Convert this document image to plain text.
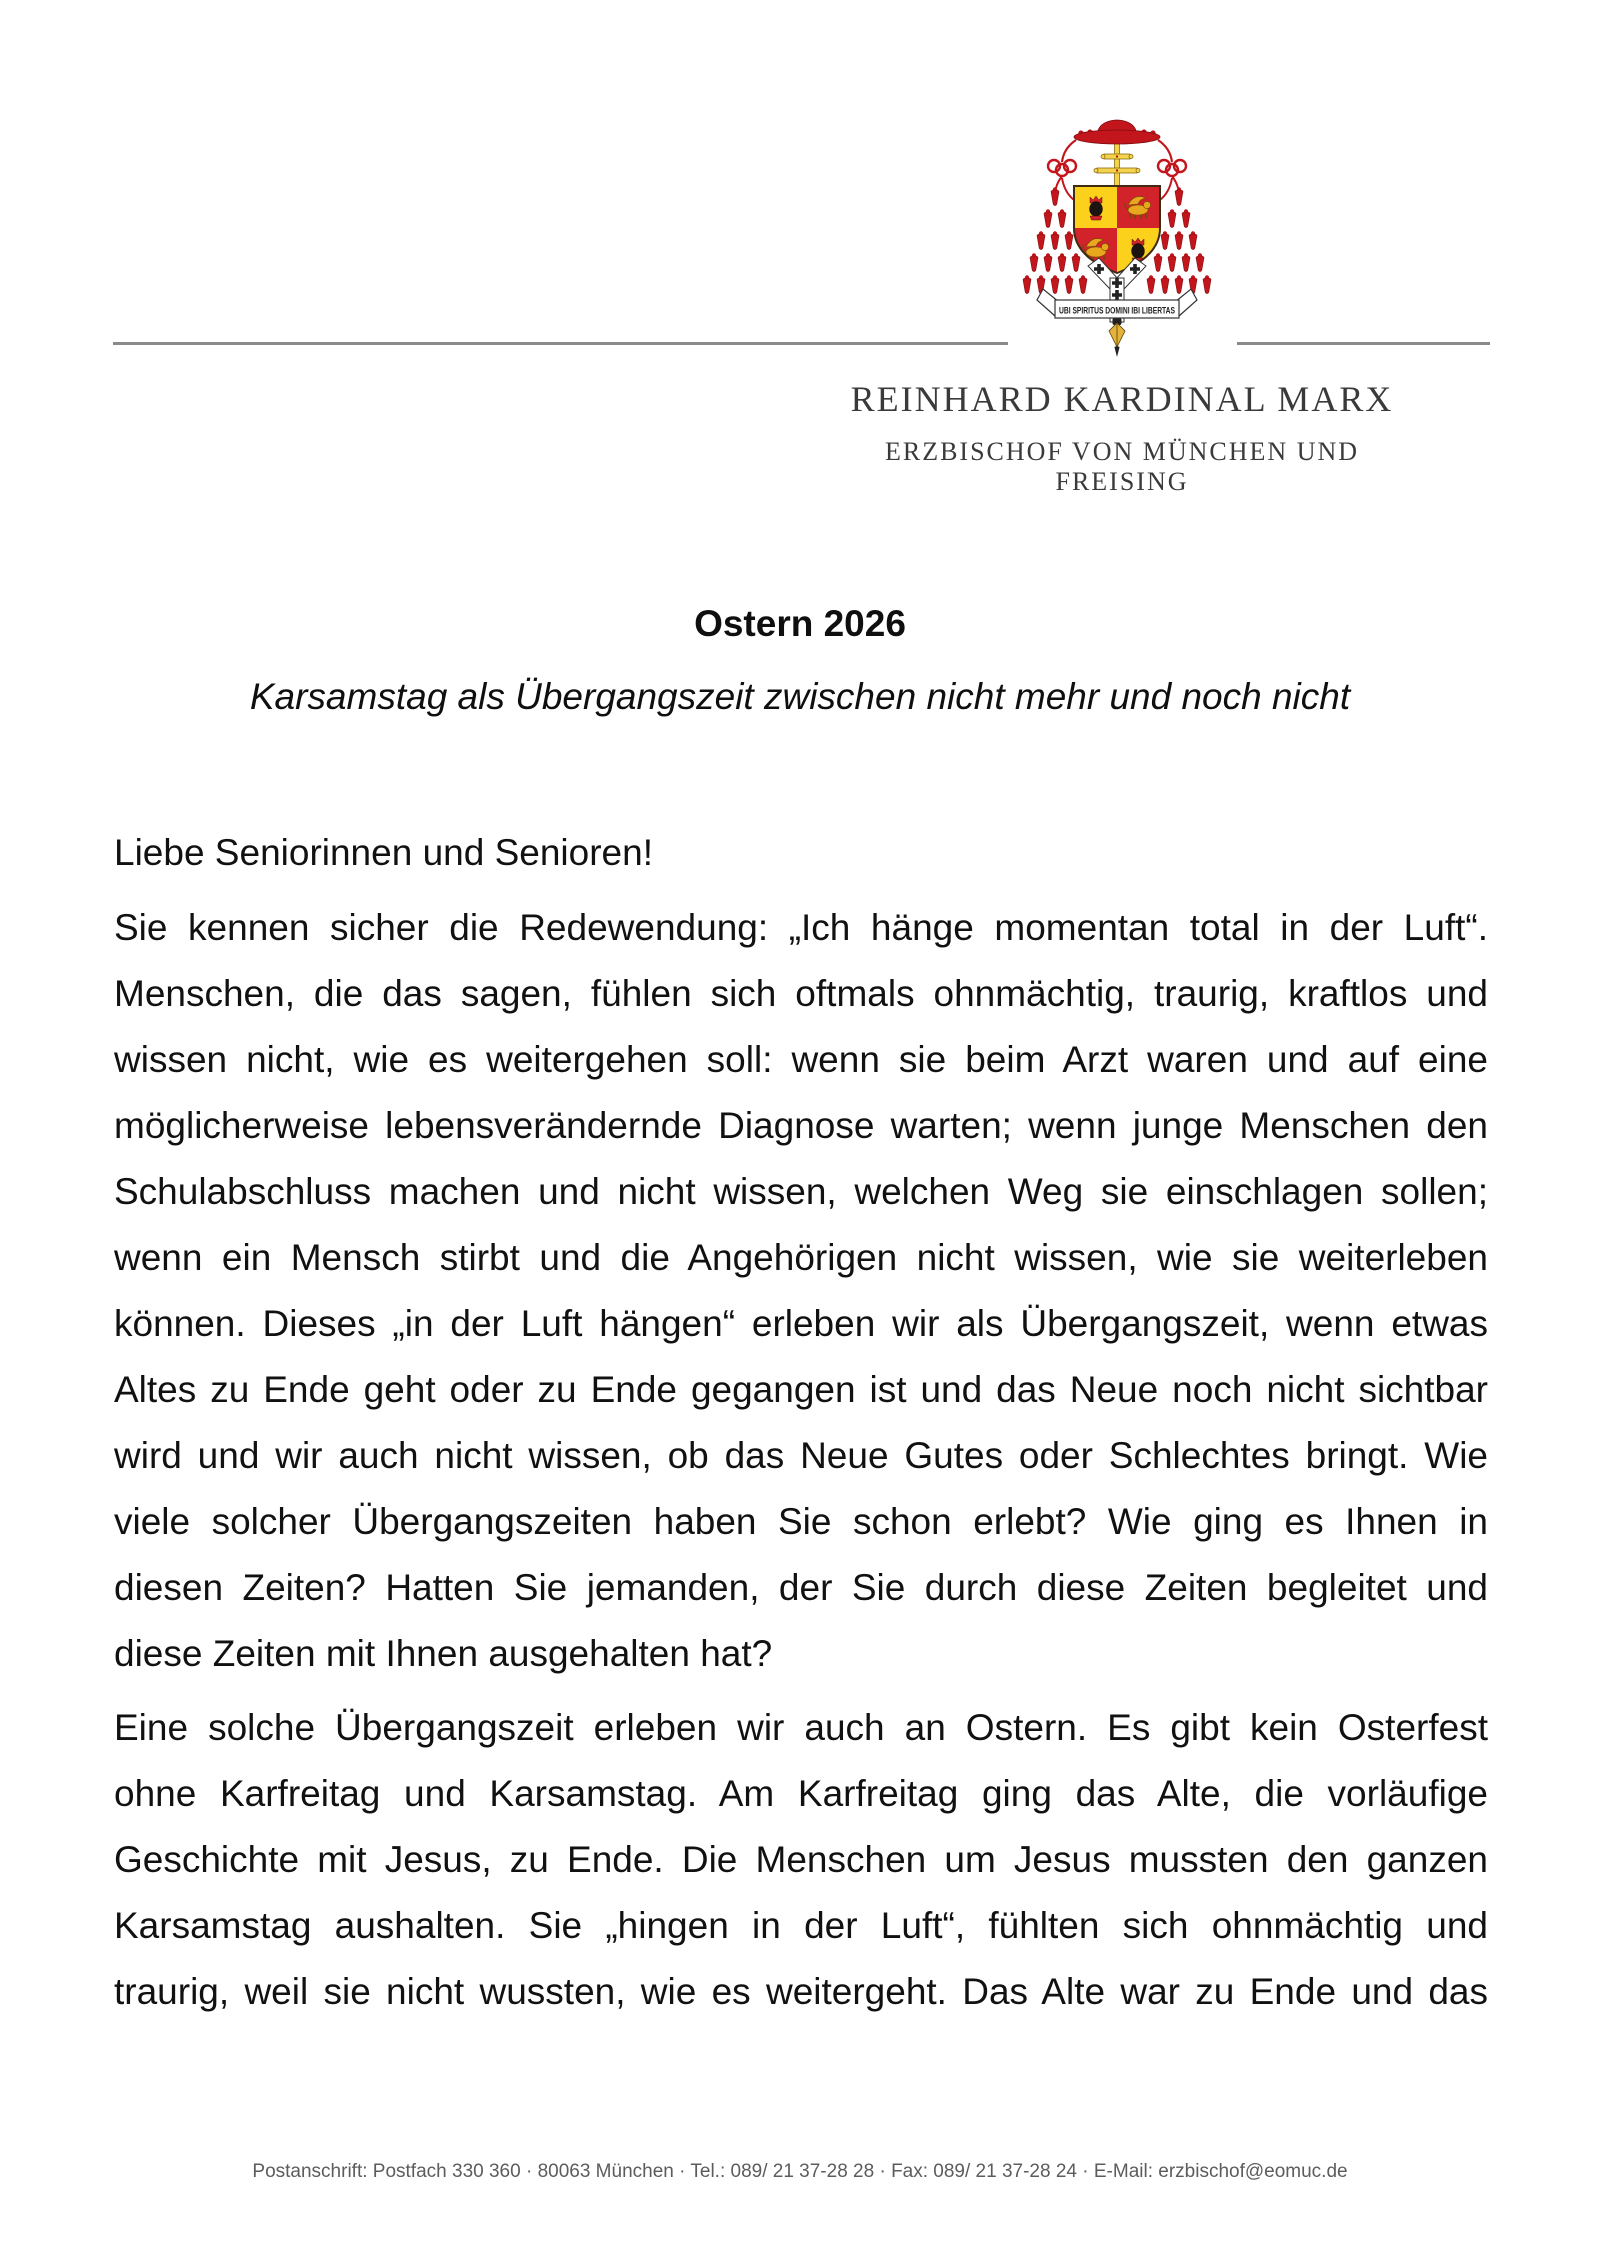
UBI SPIRITUS DOMINI IBI LIBERTAS
REINHARD KARDINAL MARX
ERZBISCHOF VON MÜNCHEN UND FREISING
Ostern 2026
Karsamstag als Übergangszeit zwischen nicht mehr und noch nicht
Liebe Seniorinnen und Senioren!
Sie kennen sicher die Redewendung: „Ich hänge momentan total in der Luft“.
Menschen, die das sagen, fühlen sich oftmals ohnmächtig, traurig, kraftlos und
wissen nicht, wie es weitergehen soll: wenn sie beim Arzt waren und auf eine
möglicherweise lebensverändernde Diagnose warten; wenn junge Menschen den
Schulabschluss machen und nicht wissen, welchen Weg sie einschlagen sollen;
wenn ein Mensch stirbt und die Angehörigen nicht wissen, wie sie weiterleben
können. Dieses „in der Luft hängen“ erleben wir als Übergangszeit, wenn etwas
Altes zu Ende geht oder zu Ende gegangen ist und das Neue noch nicht sichtbar
wird und wir auch nicht wissen, ob das Neue Gutes oder Schlechtes bringt. Wie
viele solcher Übergangszeiten haben Sie schon erlebt? Wie ging es Ihnen in
diesen Zeiten? Hatten Sie jemanden, der Sie durch diese Zeiten begleitet und
diese Zeiten mit Ihnen ausgehalten hat?
Eine solche Übergangszeit erleben wir auch an Ostern. Es gibt kein Osterfest
ohne Karfreitag und Karsamstag. Am Karfreitag ging das Alte, die vorläufige
Geschichte mit Jesus, zu Ende. Die Menschen um Jesus mussten den ganzen
Karsamstag aushalten. Sie „hingen in der Luft“, fühlten sich ohnmächtig und
traurig, weil sie nicht wussten, wie es weitergeht. Das Alte war zu Ende und das
Postanschrift: Postfach 330 360 · 80063 München · Tel.: 089/ 21 37-28 28 · Fax: 089/ 21 37-28 24 · E-Mail: erzbischof@eomuc.de
